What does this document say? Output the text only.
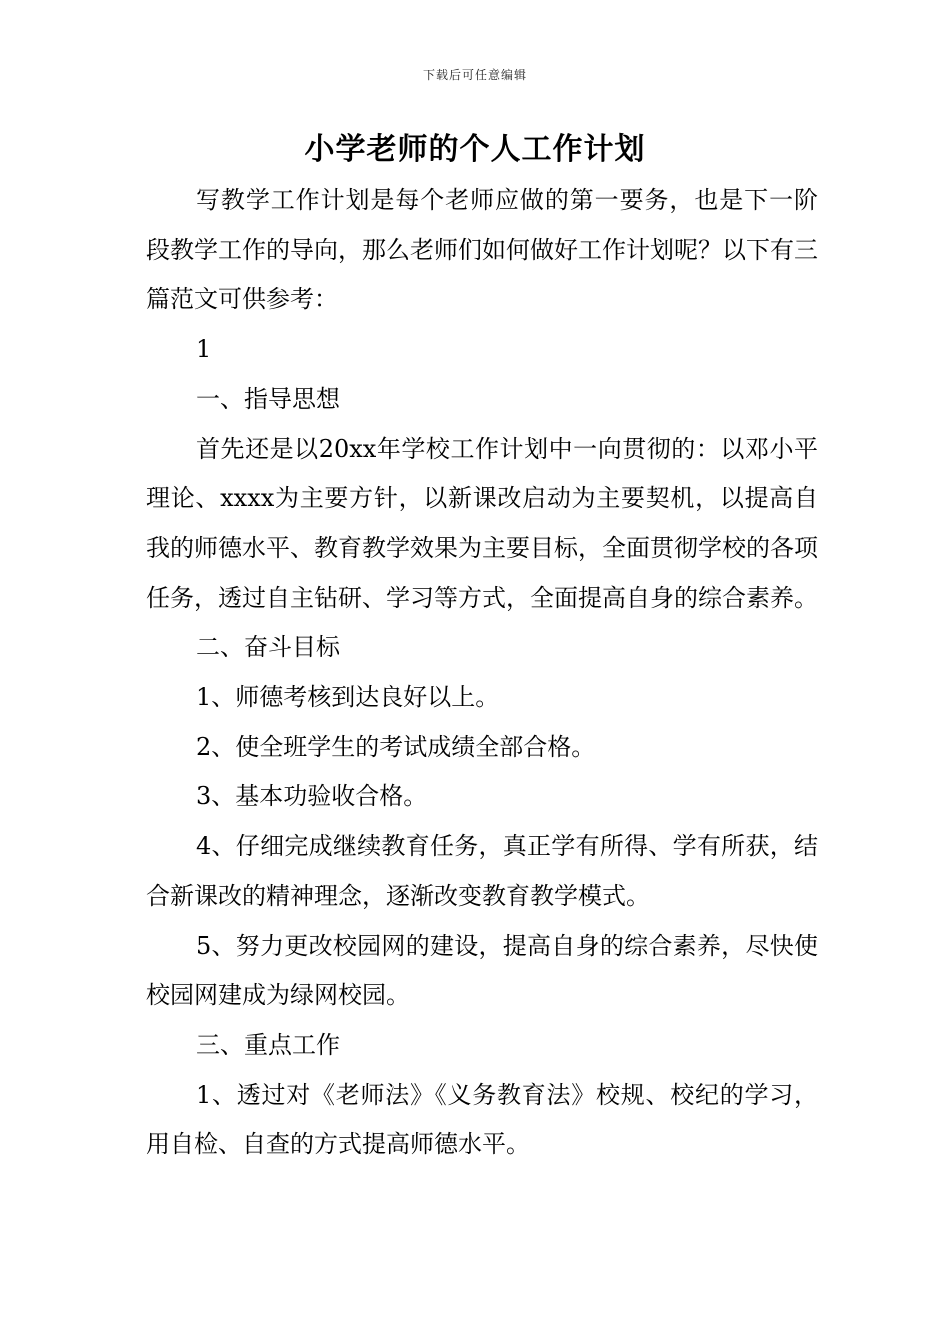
下载后可任意编辑
小学老师的个人工作计划

写教学工作计划是每个老师应做的第一要务，也是下一阶段教学工作的导向，那么老师们如何做好工作计划呢？以下有三篇范文可供参考：

1

一、指导思想

首先还是以20xx年学校工作计划中一向贯彻的：以邓小平理论、xxxx为主要方针，以新课改启动为主要契机，以提高自我的师德水平、教育教学效果为主要目标，全面贯彻学校的各项任务，透过自主钻研、学习等方式，全面提高自身的综合素养。

二、奋斗目标

1、师德考核到达良好以上。

2、使全班学生的考试成绩全部合格。

3、基本功验收合格。

4、仔细完成继续教育任务，真正学有所得、学有所获，结合新课改的精神理念，逐渐改变教育教学模式。

5、努力更改校园网的建设，提高自身的综合素养，尽快使校园网建成为绿网校园。

三、重点工作

1、透过对《老师法》《义务教育法》校规、校纪的学习，用自检、自查的方式提高师德水平。
